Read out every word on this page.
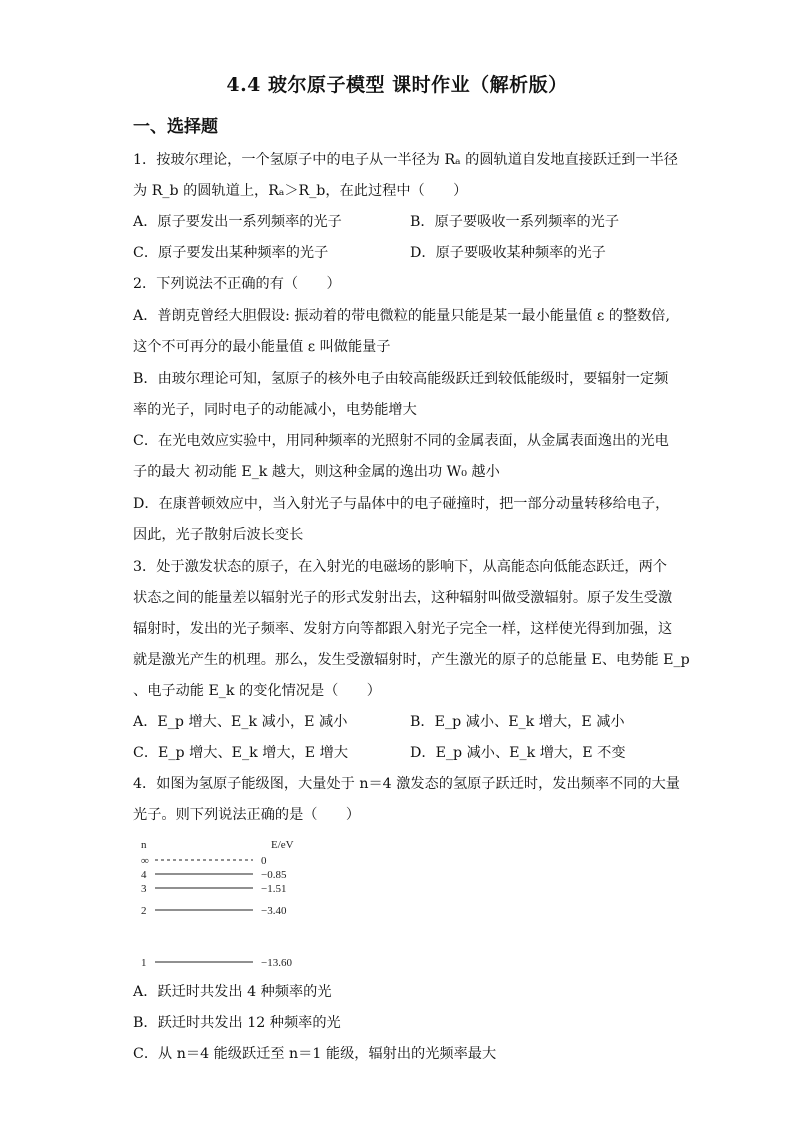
4.4 玻尔原子模型 课时作业（解析版）
一、选择题
1．按玻尔理论，一个氢原子中的电子从一半径为 Rₐ 的圆轨道自发地直接跃迁到一半径
为 R_b 的圆轨道上，Rₐ＞R_b，在此过程中（　　）
A．原子要发出一系列频率的光子	B．原子要吸收一系列频率的光子
C．原子要发出某种频率的光子	D．原子要吸收某种频率的光子
2．下列说法不正确的有（　　）
A．普朗克曾经大胆假设: 振动着的带电微粒的能量只能是某一最小能量值 ε 的整数倍,
这个不可再分的最小能量值 ε 叫做能量子
B．由玻尔理论可知，氢原子的核外电子由较高能级跃迁到较低能级时，要辐射一定频
率的光子，同时电子的动能减小，电势能增大
C．在光电效应实验中，用同种频率的光照射不同的金属表面，从金属表面逸出的光电
子的最大 初动能 E_k 越大，则这种金属的逸出功 W₀ 越小
D．在康普顿效应中，当入射光子与晶体中的电子碰撞时，把一部分动量转移给电子，
因此，光子散射后波长变长
3．处于激发状态的原子，在入射光的电磁场的影响下，从高能态向低能态跃迁，两个
状态之间的能量差以辐射光子的形式发射出去，这种辐射叫做受激辐射。原子发生受激
辐射时，发出的光子频率、发射方向等都跟入射光子完全一样，这样使光得到加强，这
就是激光产生的机理。那么，发生受激辐射时，产生激光的原子的总能量 E、电势能 E_p
、电子动能 E_k 的变化情况是（　　）
A．E_p 增大、E_k 减小，E 减小	B．E_p 减小、E_k 增大，E 减小
C．E_p 增大、E_k 增大，E 增大	D．E_p 减小、E_k 增大，E 不变
4．如图为氢原子能级图，大量处于 n＝4 激发态的氢原子跃迁时，发出频率不同的大量
光子。则下列说法正确的是（　　）
n	E/eV
∞	0
4	−0.85
3	−1.51
2	−3.40
1	−13.60
A．跃迁时共发出 4 种频率的光
B．跃迁时共发出 12 种频率的光
C．从 n＝4 能级跃迁至 n＝1 能级，辐射出的光频率最大
